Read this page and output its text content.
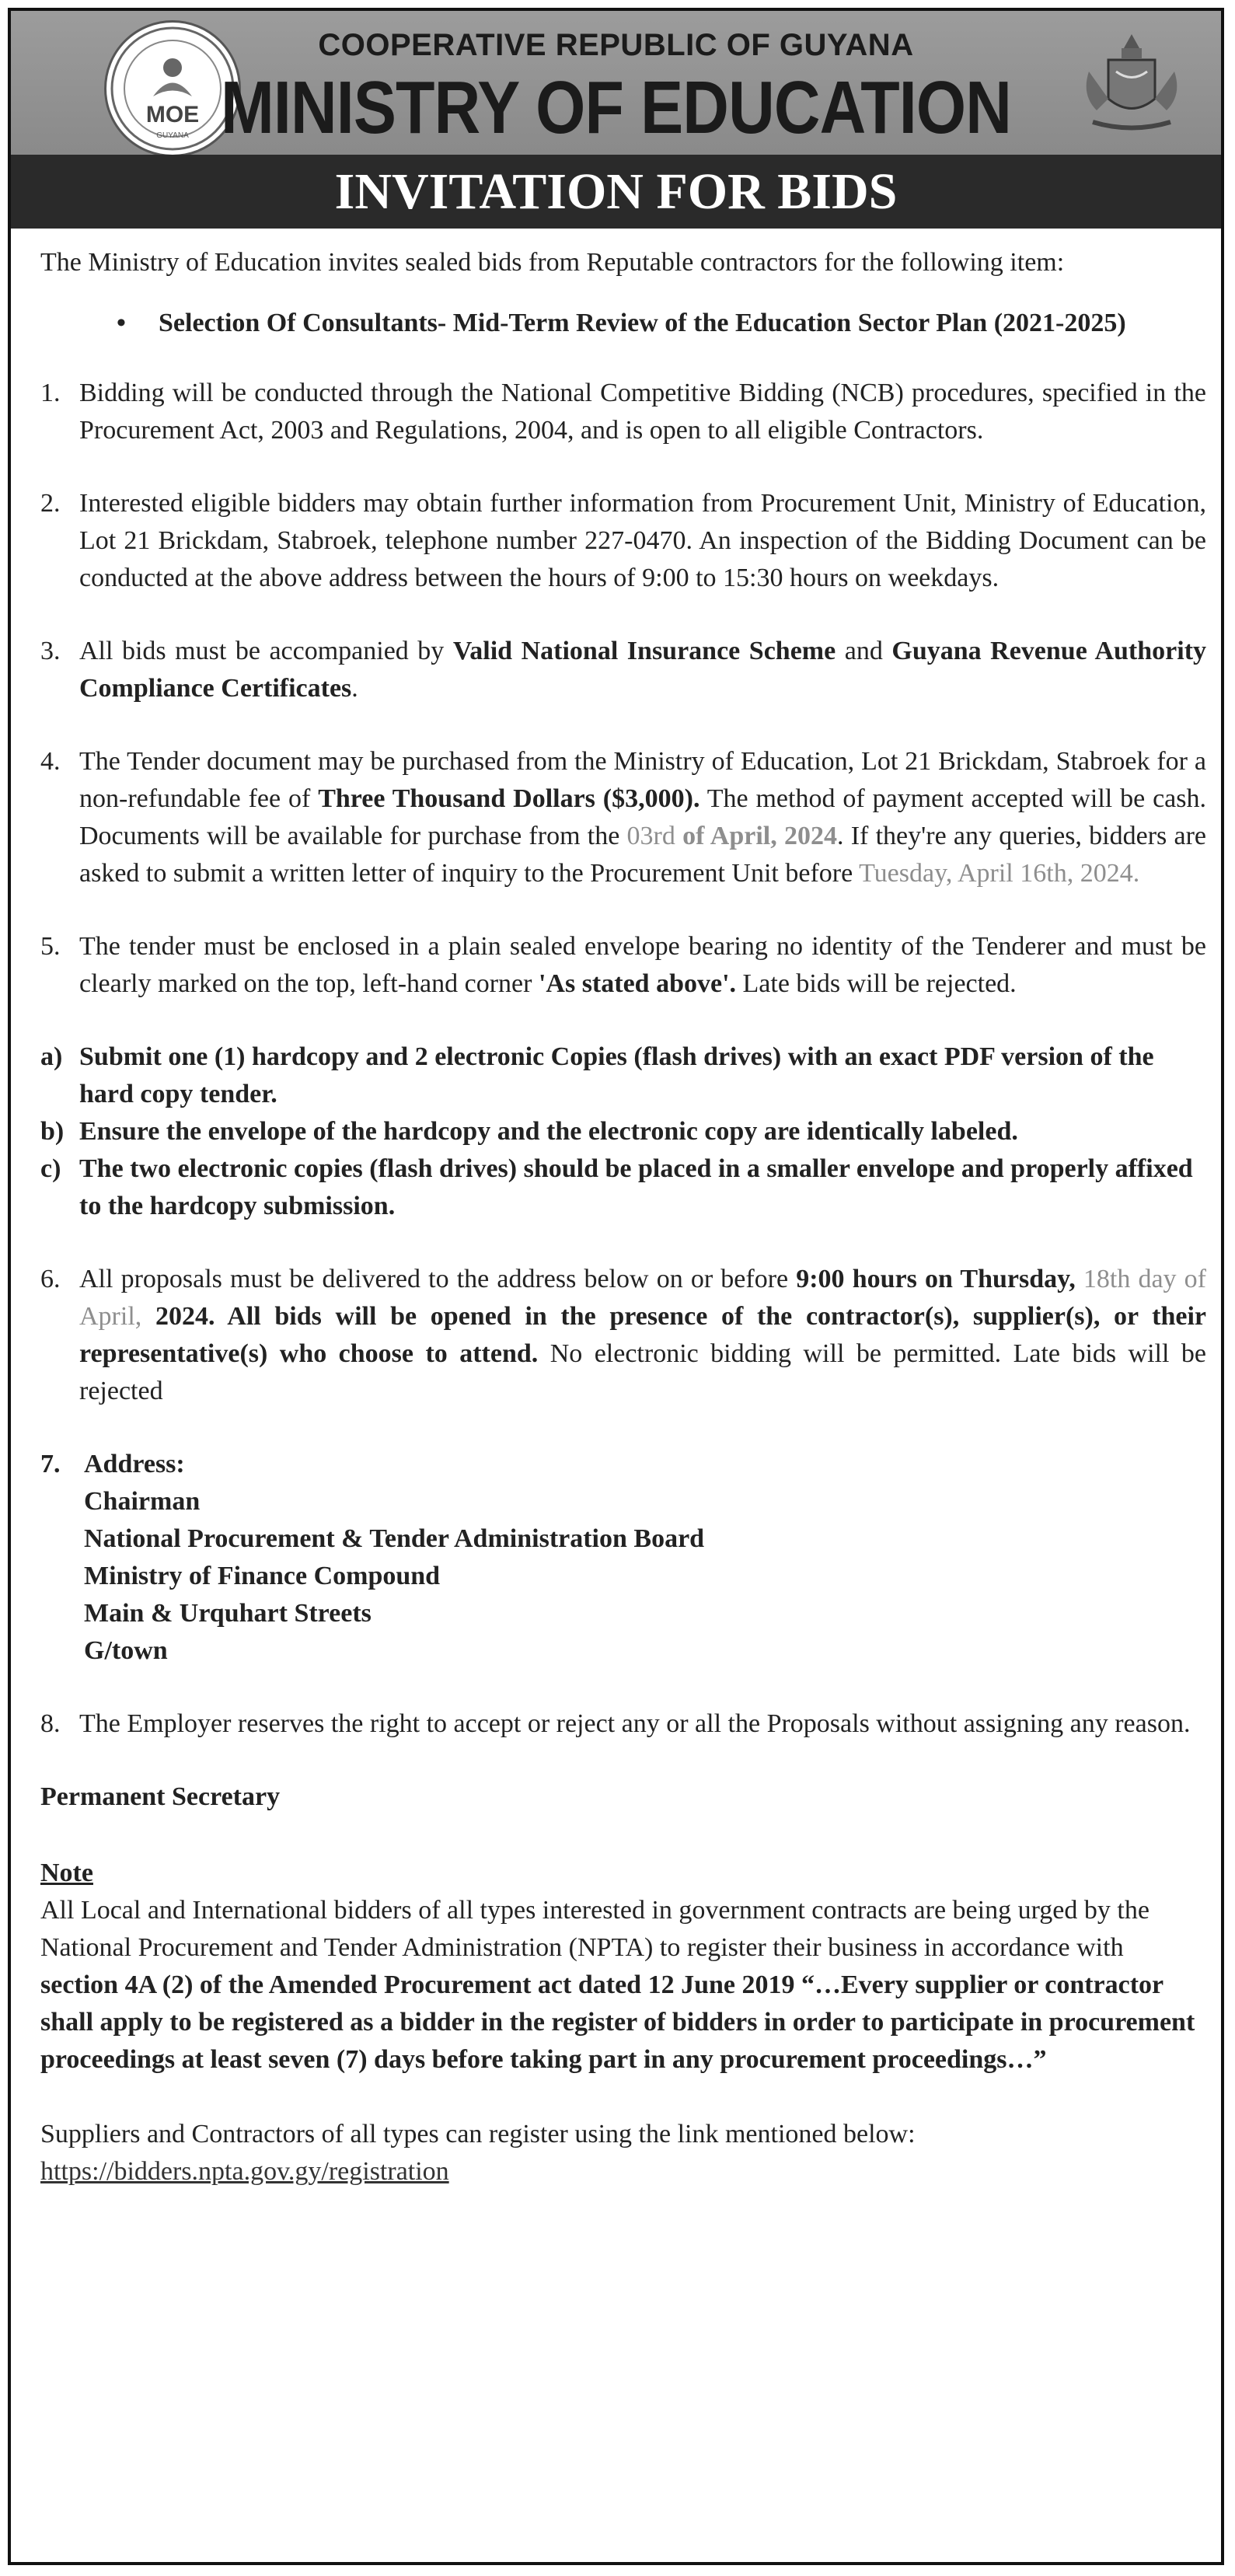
MOE
GUYANA
COOPERATIVE REPUBLIC OF GUYANA
MINISTRY OF EDUCATION
INVITATION FOR BIDS

The Ministry of Education invites sealed bids from Reputable contractors for the following item:

• Selection Of Consultants- Mid-Term Review of the Education Sector Plan (2021-2025)

1. Bidding will be conducted through the National Competitive Bidding (NCB) procedures, specified in the Procurement Act, 2003 and Regulations, 2004, and is open to all eligible Contractors.

2. Interested eligible bidders may obtain further information from Procurement Unit, Ministry of Education, Lot 21 Brickdam, Stabroek, telephone number 227-0470. An inspection of the Bidding Document can be conducted at the above address between the hours of 9:00 to 15:30 hours on weekdays.

3. All bids must be accompanied by Valid National Insurance Scheme and Guyana Revenue Authority Compliance Certificates.

4. The Tender document may be purchased from the Ministry of Education, Lot 21 Brickdam, Stabroek for a non-refundable fee of Three Thousand Dollars ($3,000). The method of payment accepted will be cash. Documents will be available for purchase from the 03rd of April, 2024. If they're any queries, bidders are asked to submit a written letter of inquiry to the Procurement Unit before Tuesday, April 16th, 2024.

5. The tender must be enclosed in a plain sealed envelope bearing no identity of the Tenderer and must be clearly marked on the top, left-hand corner 'As stated above'. Late bids will be rejected.

a) Submit one (1) hardcopy and 2 electronic Copies (flash drives) with an exact PDF version of the hard copy tender.

b) Ensure the envelope of the hardcopy and the electronic copy are identically labeled.

c) The two electronic copies (flash drives) should be placed in a smaller envelope and properly affixed to the hardcopy submission.

6. All proposals must be delivered to the address below on or before 9:00 hours on Thursday, 18th day of April, 2024. All bids will be opened in the presence of the contractor(s), supplier(s), or their representative(s) who choose to attend. No electronic bidding will be permitted. Late bids will be rejected

7. Address:
Chairman
National Procurement & Tender Administration Board
Ministry of Finance Compound
Main & Urquhart Streets
G/town

8. The Employer reserves the right to accept or reject any or all the Proposals without assigning any reason.

Permanent Secretary

Note

All Local and International bidders of all types interested in government contracts are being urged by the National Procurement and Tender Administration (NPTA) to register their business in accordance with section 4A (2) of the Amended Procurement act dated 12 June 2019 “…Every supplier or contractor shall apply to be registered as a bidder in the register of bidders in order to participate in procurement proceedings at least seven (7) days before taking part in any procurement proceedings…”

Suppliers and Contractors of all types can register using the link mentioned below:

https://bidders.npta.gov.gy/registration
